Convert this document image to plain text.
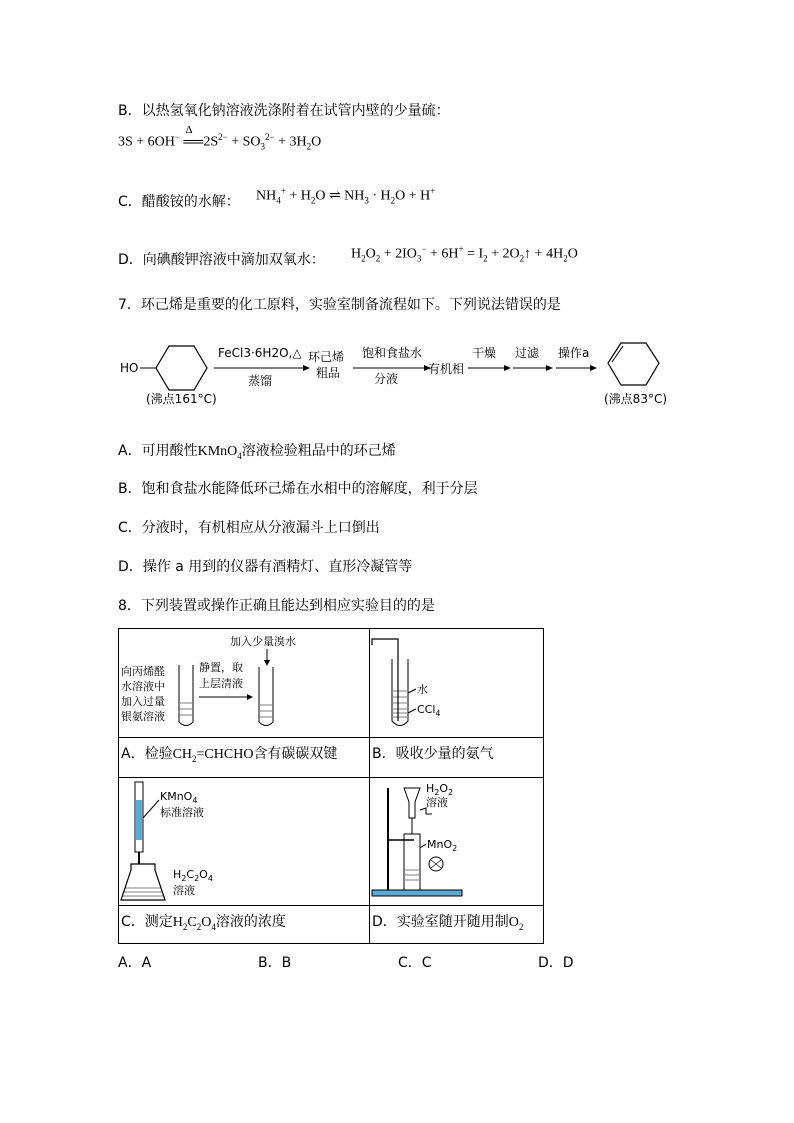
B．以热氢氧化钠溶液洗涤附着在试管内壁的少量硫：
3S + 6OH−
Δ
$══2S^{2-} + SO_3^{2-} + 3H_2O$
C．醋酸铵的水解： $NH_4^+ + H_2O$ ⇌ $NH_3 \cdot H_2O + H^+$
D．向碘酸钾溶液中滴加双氧水： $H_2O_2 + 2IO_3^- + 6H^+ = I_2$ + $2O_2↑ + 4H_2O$
7．环己烯是重要的化工原料，实验室制备流程如下。下列说法错误的是
HO
(沸点161°C)
FeCl3·6H2O,△
蒸馏
环己烯
粗品
饱和食盐水
分液
有机相
干燥 过滤 操作a
(沸点83°C)
A．可用酸性KMnO$_4$溶液检验粗品中的环己烯
B．饱和食盐水能降低环己烯在水相中的溶解度，利于分层
C．分液时，有机相应从分液漏斗上口倒出
D．操作 a 用到的仪器有酒精灯、直形冷凝管等
8．下列装置或操作正确且能达到相应实验目的的是
加入少量溴水
向丙烯醛
水溶液中
加入过量
银氨溶液
静置，取
上层清液
A．检验$CH_2=CHCHO$含有碳碳双键
水
CCl$_4$
B．吸收少量的氨气
KMnO$_4$
标准溶液
$H_2C_2O_4$
溶液
C．测定$H_2C_2O_4$溶液的浓度
$H_2O_2$
溶液
MnO$_2$
D．实验室随开随用制$O_2$
A．A	B．B	C．C	D．D
